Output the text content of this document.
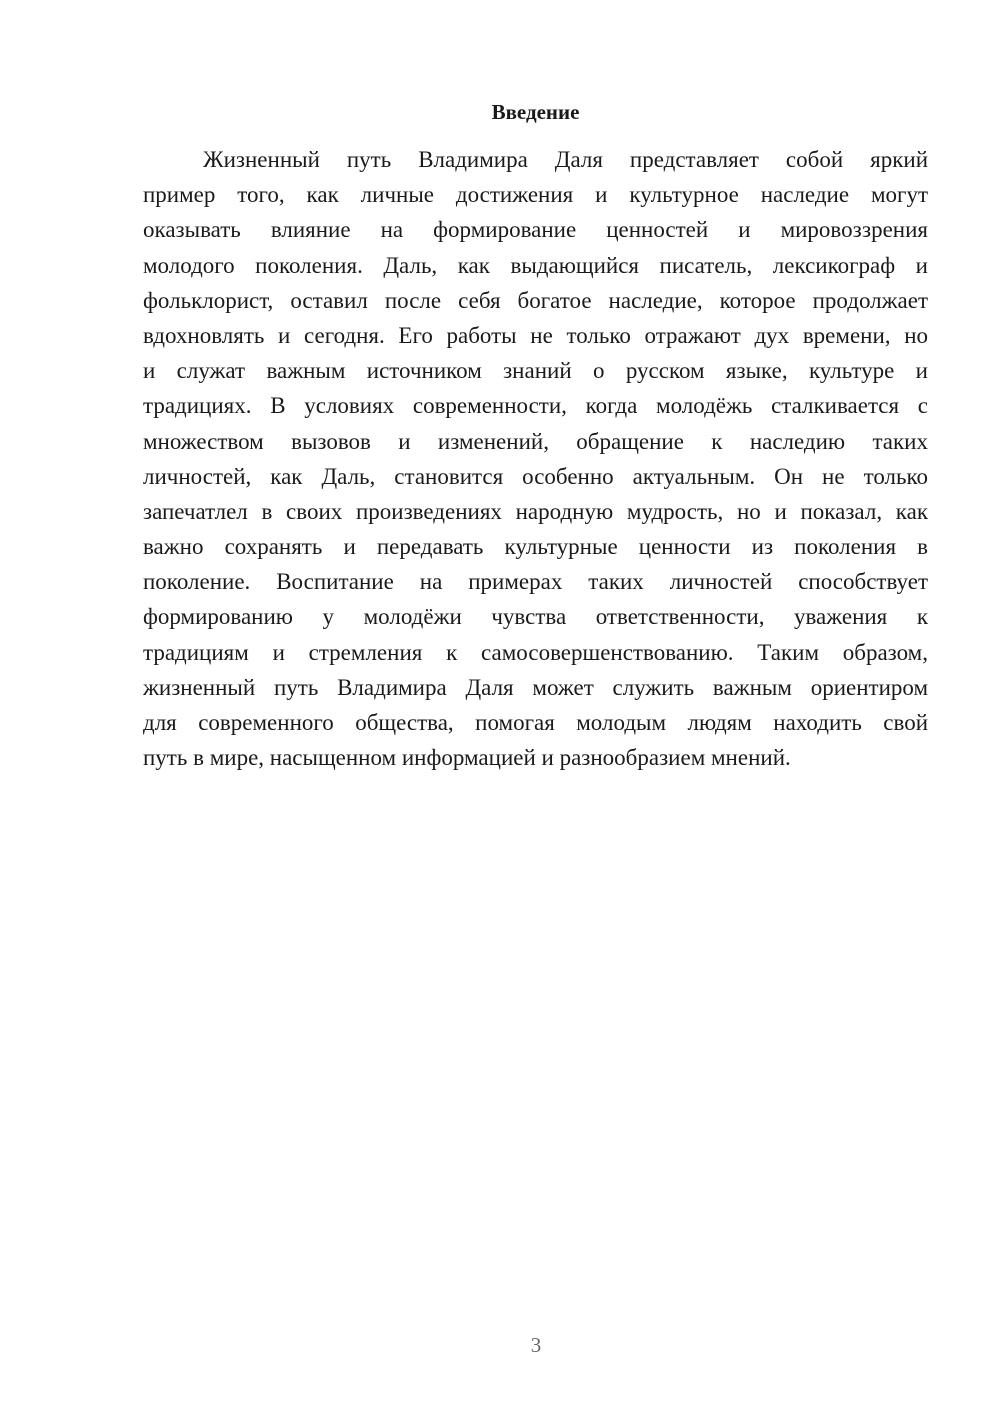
Введение
Жизненный путь Владимира Даля представляет собой яркий
пример того, как личные достижения и культурное наследие могут
оказывать влияние на формирование ценностей и мировоззрения
молодого поколения. Даль, как выдающийся писатель, лексикограф и
фольклорист, оставил после себя богатое наследие, которое продолжает
вдохновлять и сегодня. Его работы не только отражают дух времени, но
и служат важным источником знаний о русском языке, культуре и
традициях. В условиях современности, когда молодёжь сталкивается с
множеством вызовов и изменений, обращение к наследию таких
личностей, как Даль, становится особенно актуальным. Он не только
запечатлел в своих произведениях народную мудрость, но и показал, как
важно сохранять и передавать культурные ценности из поколения в
поколение. Воспитание на примерах таких личностей способствует
формированию у молодёжи чувства ответственности, уважения к
традициям и стремления к самосовершенствованию. Таким образом,
жизненный путь Владимира Даля может служить важным ориентиром
для современного общества, помогая молодым людям находить свой
путь в мире, насыщенном информацией и разнообразием мнений.
3
